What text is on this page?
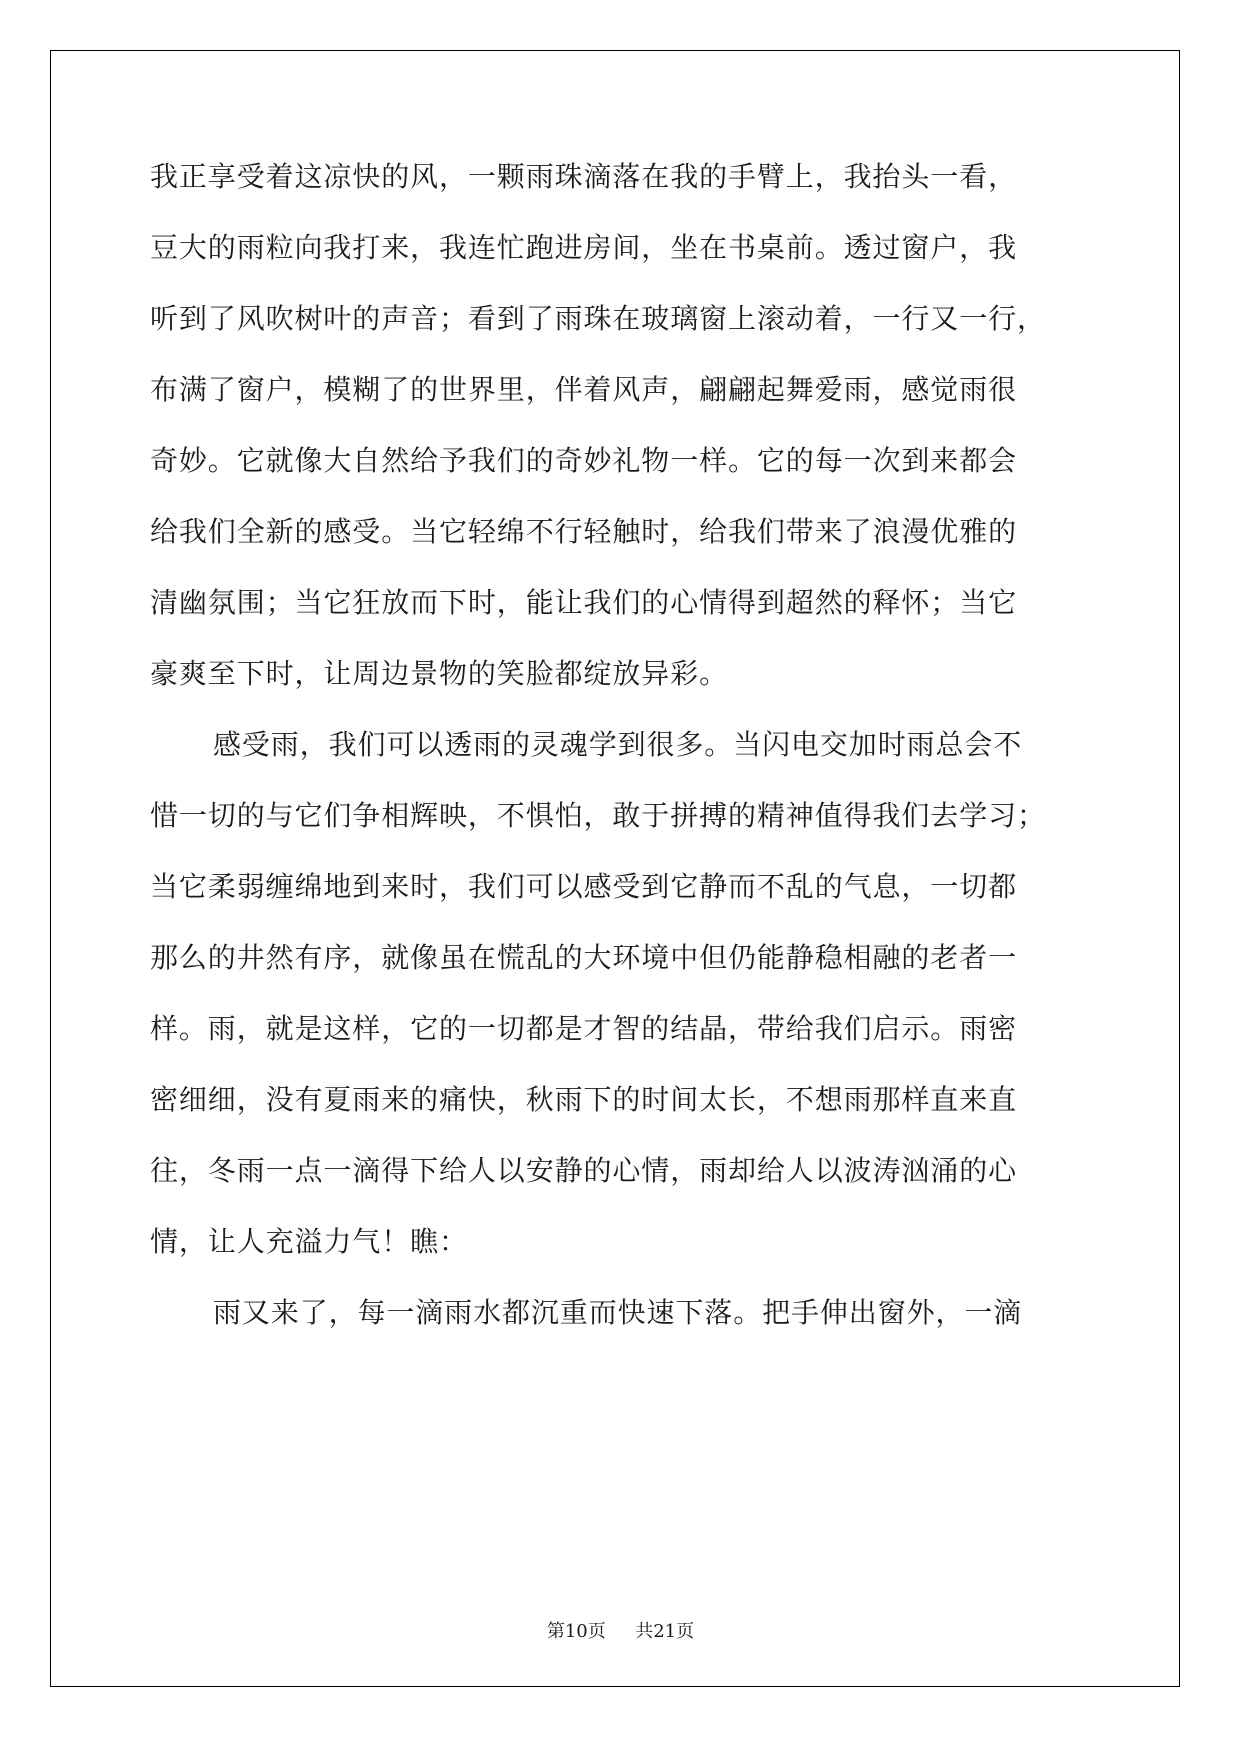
我正享受着这凉快的风，一颗雨珠滴落在我的手臂上，我抬头一看，
豆大的雨粒向我打来，我连忙跑进房间，坐在书桌前。透过窗户，我
听到了风吹树叶的声音；看到了雨珠在玻璃窗上滚动着，一行又一行，
布满了窗户，模糊了的世界里，伴着风声，翩翩起舞爱雨，感觉雨很
奇妙。它就像大自然给予我们的奇妙礼物一样。它的每一次到来都会
给我们全新的感受。当它轻绵不行轻触时，给我们带来了浪漫优雅的
清幽氛围；当它狂放而下时，能让我们的心情得到超然的释怀；当它
豪爽至下时，让周边景物的笑脸都绽放异彩。
感受雨，我们可以透雨的灵魂学到很多。当闪电交加时雨总会不
惜一切的与它们争相辉映，不惧怕，敢于拼搏的精神值得我们去学习；
当它柔弱缠绵地到来时，我们可以感受到它静而不乱的气息，一切都
那么的井然有序，就像虽在慌乱的大环境中但仍能静稳相融的老者一
样。雨，就是这样，它的一切都是才智的结晶，带给我们启示。雨密
密细细，没有夏雨来的痛快，秋雨下的时间太长，不想雨那样直来直
往，冬雨一点一滴得下给人以安静的心情，雨却给人以波涛汹涌的心
情，让人充溢力气！瞧：
雨又来了，每一滴雨水都沉重而快速下落。把手伸出窗外，一滴
第10页 共21页
